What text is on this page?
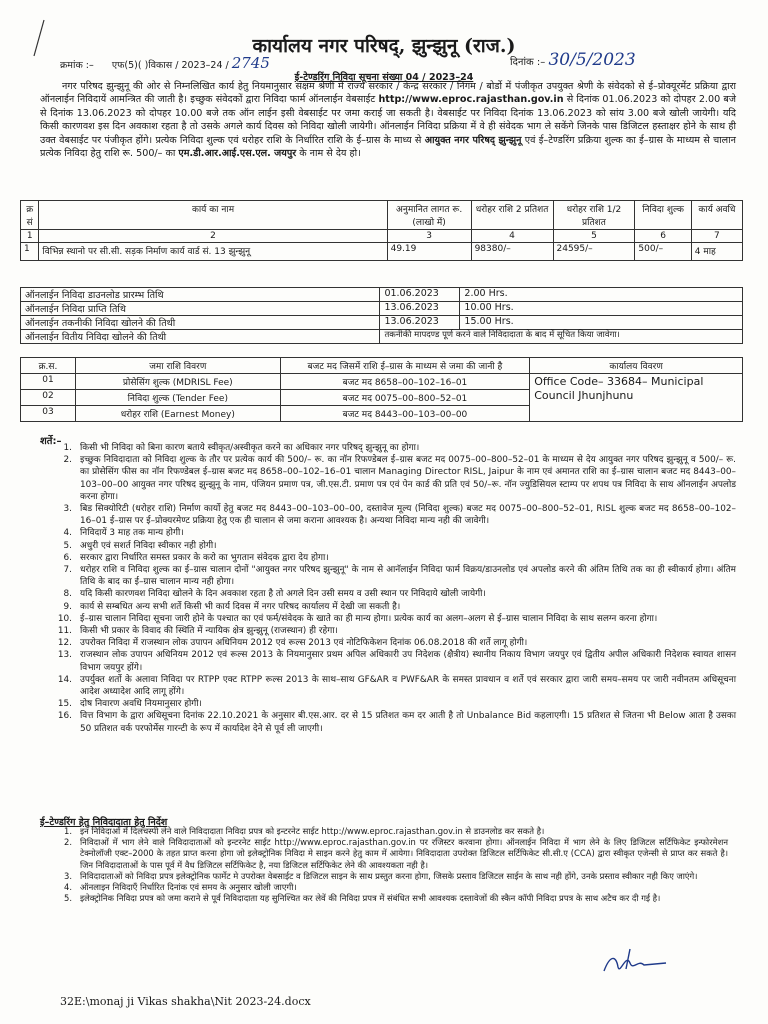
कार्यालय नगर परिषद्, झुन्झुनू (राज.)
क्रमांक :– एफ(5)( )विकास / 2023–24 / 2745	दिनांक :– 30/5/2023
ई-टेण्डरिंग निविदा सूचना संख्या 04 / 2023–24
नगर परिषद झुन्झुनू की ओर से निम्नलिखित कार्य हेतु नियमानुसार सक्षम श्रेणी में राज्य सरकार / केन्द्र सरकार / निगम / बोर्डो में पंजीकृत उपयुक्त श्रेणी के संवेदको से ई–प्रोक्यूरमेंट प्रक्रिया द्वारा ऑनलाईन निविदायें आमन्त्रित की जाती है। इच्छुक संवेदकों द्वारा निविदा फार्म ऑनलाईन वेबसाईट http://www.eproc.rajasthan.gov.in से दिनांक 01.06.2023 को दोपहर 2.00 बजे से दिनांक 13.06.2023 को दोपहर 10.00 बजे तक ऑन लाईन इसी वेबसाईट पर जमा कराई जा सकती है। वेबसाईट पर निविदा दिनांक 13.06.2023 को सांय 3.00 बजे खोली जायेगी। यदि किसी कारणवश इस दिन अवकाश रहता है तो उसके अगले कार्य दिवस को निविदा खोली जायेगी। ऑनलाईन निविदा प्रक्रिया में वे ही संवेदक भाग ले सकेंगे जिनके पास डिजिटल हस्ताक्षर होने के साथ ही उक्त वेबसाईट पर पंजीकृत होंगे। प्रत्येक निविदा शुल्क एवं धरोहर राशि के निर्धारित राशि के ई–ग्रास के माध्य से आयुक्त नगर परिषद् झुन्झुनू एवं ई–टेण्डरिंग प्रक्रिया शुल्क का ई–ग्रास के माध्यम से चालान प्रत्येक निविदा हेतु राशि रू. 500/– का एम.डी.आर.आई.एस.एल. जयपुर के नाम से देय हो।
क्र सं	कार्य का नाम	अनुमानित लागत रू. (लाखो में)	धरोहर राशि 2 प्रतिशत	धरोहर राशि 1/2 प्रतिशत	निविदा शुल्क	कार्य अवधि
1	2	3	4	5	6	7
1	विभिन्न स्थानो पर सी.सी. सड़क निर्माण कार्य वार्ड सं. 13 झुन्झुनू	49.19	98380/–	24595/–	500/–	4 माह
ऑनलाईन निविदा डाउनलोड प्रारम्भ तिथि	01.06.2023	2.00 Hrs.
ऑनलाईन निविदा प्राप्ति तिथि	13.06.2023	10.00 Hrs.
ऑनलाईन तकनीकी निविदा खोलने की तिथी	13.06.2023	15.00 Hrs.
ऑनलाईन वितीय निविदा खोलने की तिथी	तकनीकी मापदण्ड पूर्ण करने वाले निविदादाता के बाद में सूचित किया जावेगा।	
क्र.स.	जमा राशि विवरण	बजट मद जिसमें राशि ई–ग्रास के माध्यम से जमा की जानी है	कार्यालय विवरण
01	प्रोसेसिंग शुल्क (MDRISL Fee)	बजट मद 8658–00–102–16–01	Office Code– 33684– Municipal Council Jhunjhunu
02	निविदा शुल्क (Tender Fee)	बजट मद 0075–00–800–52–01	
03	धरोहर राशि (Earnest Money)	बजट मद 8443–00–103–00–00	
शर्ते:–
1. किसी भी निविदा को बिना कारण बताये स्वीकृत/अस्वीकृत करने का अधिकार नगर परिषद् झुन्झुनू का होगा।
2. इच्छुक निविदादाता को निविदा शुल्क के तौर पर प्रत्येक कार्य की 500/– रू. का नॉन रिफण्डेबल ई–ग्रास बजट मद 0075–00–800–52–01 के माध्यम से देय आयुक्त नगर परिषद झुन्झुनू व 500/– रू. का प्रोसेसिंग फीस का नॉन रिफण्डेबल ई–ग्रास बजट मद 8658–00–102–16–01 चालान Managing Director RISL, Jaipur के नाम एवं अमानत राशि का ई–ग्रास चालान बजट मद 8443–00–103–00–00 आयुक्त नगर परिषद झुन्झुनू के नाम, पंजियन प्रमाण पत्र, जी.एस.टी. प्रमाण पत्र एवं पेन कार्ड की प्रति एवं 50/–रू. नॉन ज्युडिसियल स्टाम्प पर शपथ पत्र निविदा के साथ ऑनलाईन अपलोड करना होगा।
3. बिड सिक्योरिटी (धरोहर राशि) निर्माण कार्यो हेतु बजट मद 8443–00–103–00–00, दस्तावेज मूल्य (निविदा शुल्क) बजट मद 0075–00–800–52–01, RISL शुल्क बजट मद 8658–00–102–16–01 ई–ग्रास पर ई–प्रोक्यरमेण्ट प्रक्रिया हेतु एक ही चालान से जमा कराना आवश्यक है। अन्यथा निविदा मान्य नही की जावेगी।
4. निविदायें 3 माह तक मान्य होगी।
5. अधुरी एवं सशर्त निविदा स्वीकार नही होगी।
6. सरकार द्वारा निर्धारित समस्त प्रकार के करो का भुगतान संवेदक द्वारा देय होगा।
7. धरोहर राशि व निविदा शुल्क का ई–ग्रास चालान दोनों "आयुक्त नगर परिषद झुन्झुनू" के नाम से आनॅलाईन निविदा फार्म विक्रय/डाउनलोड एवं अपलोड करने की अंतिम तिथि तक का ही स्वीकार्य होगा। अंतिम तिथि के बाद का ई–ग्रास चालान मान्य नही होगा।
8. यदि किसी कारणवश निविदा खोलने के दिन अवकाश रहता है तो अगले दिन उसी समय व उसी स्थान पर निविदाये खोली जायेगी।
9. कार्य से सम्बधित अन्य सभी शर्ते किसी भी कार्य दिवस में नगर परिषद कार्यालय में देखी जा सकती है।
10. ई–ग्रास चालान निविदा सूचना जारी होने के पश्चात का एवं फर्म/संवेदक के खाते का ही मान्य होगा। प्रत्येक कार्य का अलग–अलग से ई–ग्रास चालान निविदा के साथ सलग्न करना होगा।
11. किसी भी प्रकार के विवाद की स्थिति में न्यायिक क्षेत्र झुन्झुनू (राजस्थान) ही रहेगा।
12. उपरोक्त निविदा में राजस्थान लोक उपापन अधिनियम 2012 एवं रूल्स 2013 एवं नोटिफिकेशन दिनांक 06.08.2018 की शर्ते लागू होगी।
13. राजस्थान लोक उपापन अधिनियम 2012 एवं रूल्स 2013 के नियमानुसार प्रथम अपिल अधिकारी उप निदेशक (क्षैत्रीय) स्थानीय निकाय विभाग जयपुर एवं द्वितीय अपील अधिकारी निदेशक स्वायत शासन विभाग जयपुर होंगे।
14. उपर्युक्त शर्तो के अलावा निविदा पर RTPP एक्ट RTPP रूल्स 2013 के साथ–साथ GF&AR व PWF&AR के समस्त प्रावधान व शर्ते एवं सरकार द्वारा जारी समय–समय पर जारी नवीनतम अधिसूचना आदेश अध्यादेश आदि लागू होंगे।
15. दोष निवारण अवधि नियमानुसार होगी।
16. वित्त विभाग के द्वारा अधिसूचना दिनांक 22.10.2021 के अनुसार बी.एस.आर. दर से 15 प्रतिशत कम दर आती है तो Unbalance Bid कहलाएगी। 15 प्रतिशत से जितना भी Below आता है उसका 50 प्रतिशत वर्क परफोर्मेस गारन्टी के रूप में कार्यादेश देने से पूर्व ली जाएगी।
ई–टेण्डरिंग हेतु निविदादाता हेतु निर्देश
1. इन निविदाओं में दिलचस्पी लेने वाले निविदादाता निविदा प्रपत्र को इन्टरनेट साईट http://www.eproc.rajasthan.gov.in से डाउनलोड कर सकते है।
2. निविदाओं में भाग लेने वाले निविदादाताओं को इन्टरनेट साईट http://www.eproc.rajasthan.gov.in पर रजिस्टर करवाना होगा। ऑनलाईन निविदा में भाग लेने के लिए डिजिटल सर्टिफिकेट इन्फोरमेशन टेक्नोलॉजी एक्ट–2000 के तहत प्राप्त करना होगा जो इलेक्ट्रोनिक निविदा मे साइन करने हेतु काम में आयेगा। निविदादाता उपरोक्त डिजिटल सर्टिफिकेट सी.सी.ए (CCA) द्वारा स्वीकृत एजेन्सी से प्राप्त कर सकते है। जिन निविदादाताओं के पास पूर्व में वैध डिजिटल सर्टिफिकेट है, नया डिजिटल सर्टिफिकेट लेने की आवश्यकता नही है।
3. निविदादाताओं को निविदा प्रपत्र इलेक्ट्रोनिक फार्मेट मे उपरोक्त वेबसाईट व डिजिटल साइन के साथ प्रस्तुत करना होगा, जिसके प्रस्ताव डिजिटल साईन के साथ नही होंगे, उनके प्रस्ताव स्वीकार नही किए जाएंगे।
4. ऑनलाइन निविदाएँ निर्धारित दिनांक एवं समय के अनुसार खोली जाएगी।
5. इलेक्ट्रोनिक निविदा प्रपत्र को जमा कराने से पूर्व निविदादाता यह सुनिश्चित कर लेवें की निविदा प्रपत्र में संबंधित सभी आवश्यक दस्तावेजों की स्कैन कॉपी निविदा प्रपत्र के साथ अटैच कर दी गई है।
32E:\monaj ji Vikas shakha\Nit 2023-24.docx
